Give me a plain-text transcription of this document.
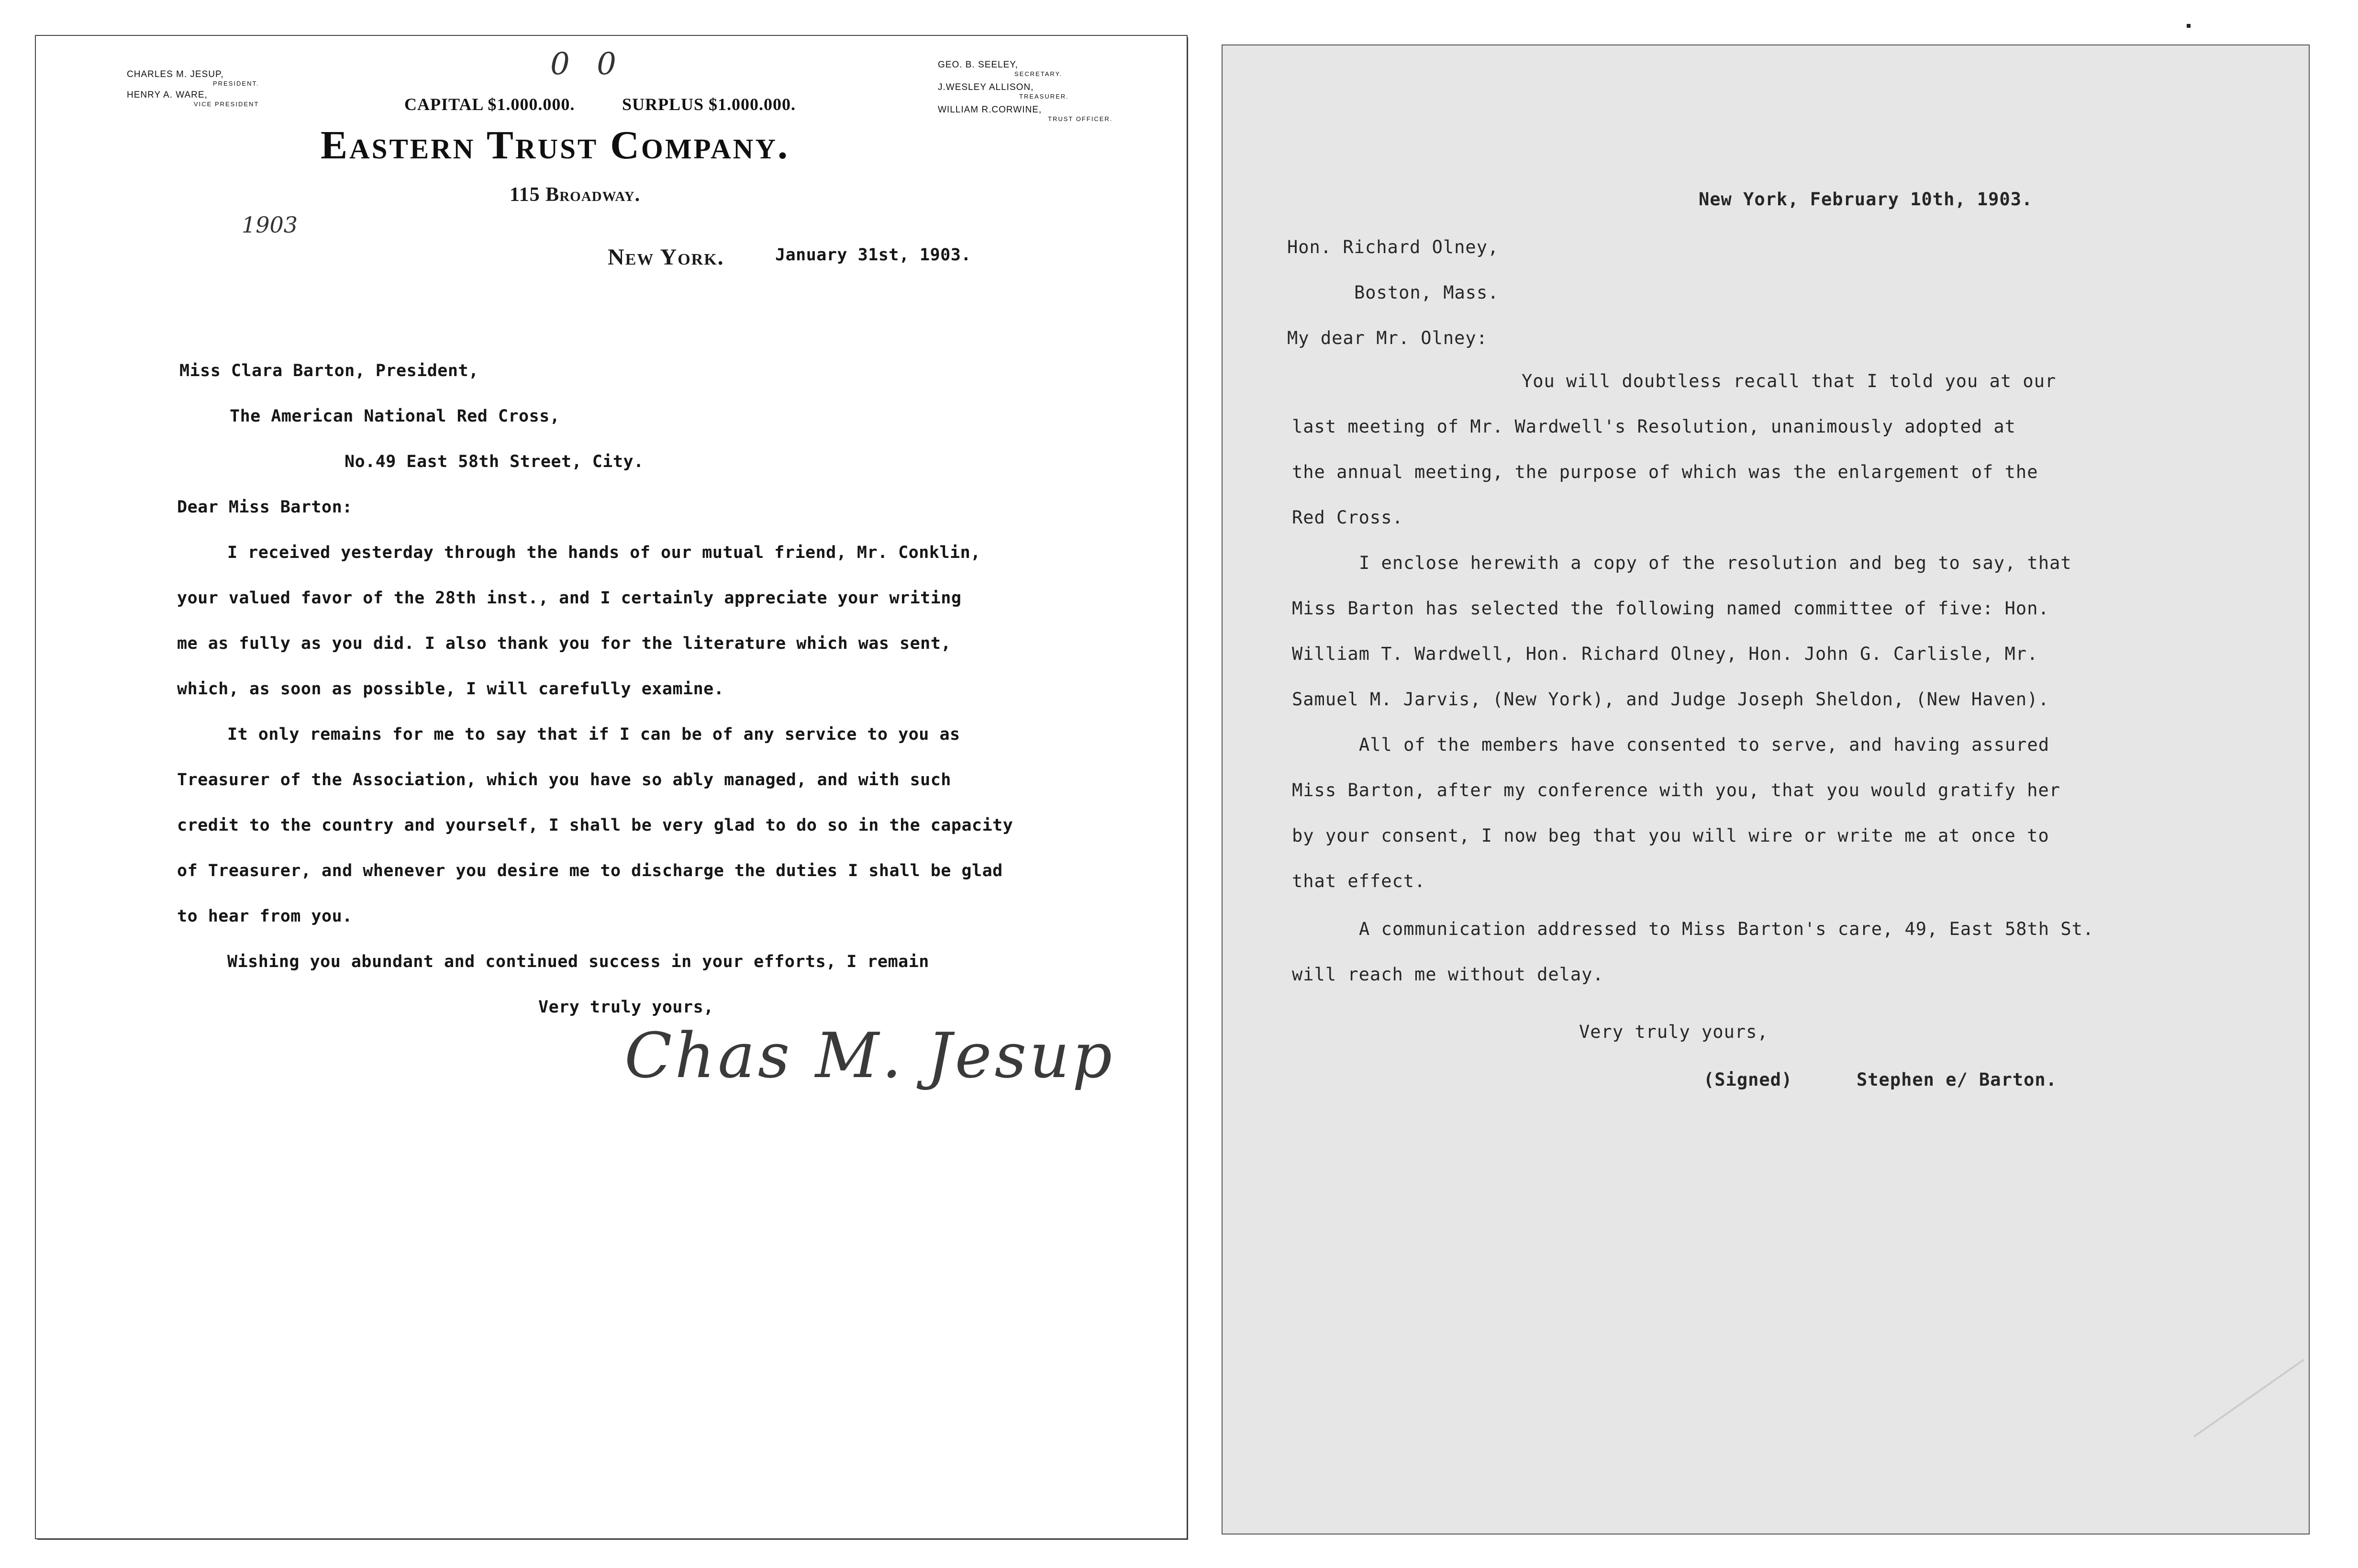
0 0
1903
CHARLES M. JESUP,
PRESIDENT.
HENRY A. WARE,
VICE PRESIDENT	CAPITAL $1.000.000.	SURPLUS $1.000.000.
GEO. B. SEELEY,
SECRETARY.
J.WESLEY ALLISON,
TREASURER.
WILLIAM R.CORWINE,
TRUST OFFICER.
Eastern Trust Company.
115 Broadway.
New York.	January 31st, 1903.
Miss Clara Barton, President,
The American National Red Cross,
No.49 East 58th Street, City.
Dear Miss Barton:
I received yesterday through the hands of our mutual friend, Mr. Conklin,
your valued favor of the 28th inst., and I certainly appreciate your writing
me as fully as you did. I also thank you for the literature which was sent,
which, as soon as possible, I will carefully examine.
It only remains for me to say that if I can be of any service to you as
Treasurer of the Association, which you have so ably managed, and with such
credit to the country and yourself, I shall be very glad to do so in the capacity
of Treasurer, and whenever you desire me to discharge the duties I shall be glad
to hear from you.
Wishing you abundant and continued success in your efforts, I remain
Very truly yours,
Chas M. Jesup
New York, February 10th, 1903.
Hon. Richard Olney,
Boston, Mass.
My dear Mr. Olney:
You will doubtless recall that I told you at our
last meeting of Mr. Wardwell's Resolution, unanimously adopted at
the annual meeting, the purpose of which was the enlargement of the
Red Cross.
I enclose herewith a copy of the resolution and beg to say, that
Miss Barton has selected the following named committee of five: Hon.
William T. Wardwell, Hon. Richard Olney, Hon. John G. Carlisle, Mr.
Samuel M. Jarvis, (New York), and Judge Joseph Sheldon, (New Haven).
All of the members have consented to serve, and having assured
Miss Barton, after my conference with you, that you would gratify her
by your consent, I now beg that you will wire or write me at once to
that effect.
A communication addressed to Miss Barton's care, 49, East 58th St.
will reach me without delay.
Very truly yours,
(Signed)	Stephen e/ Barton.
